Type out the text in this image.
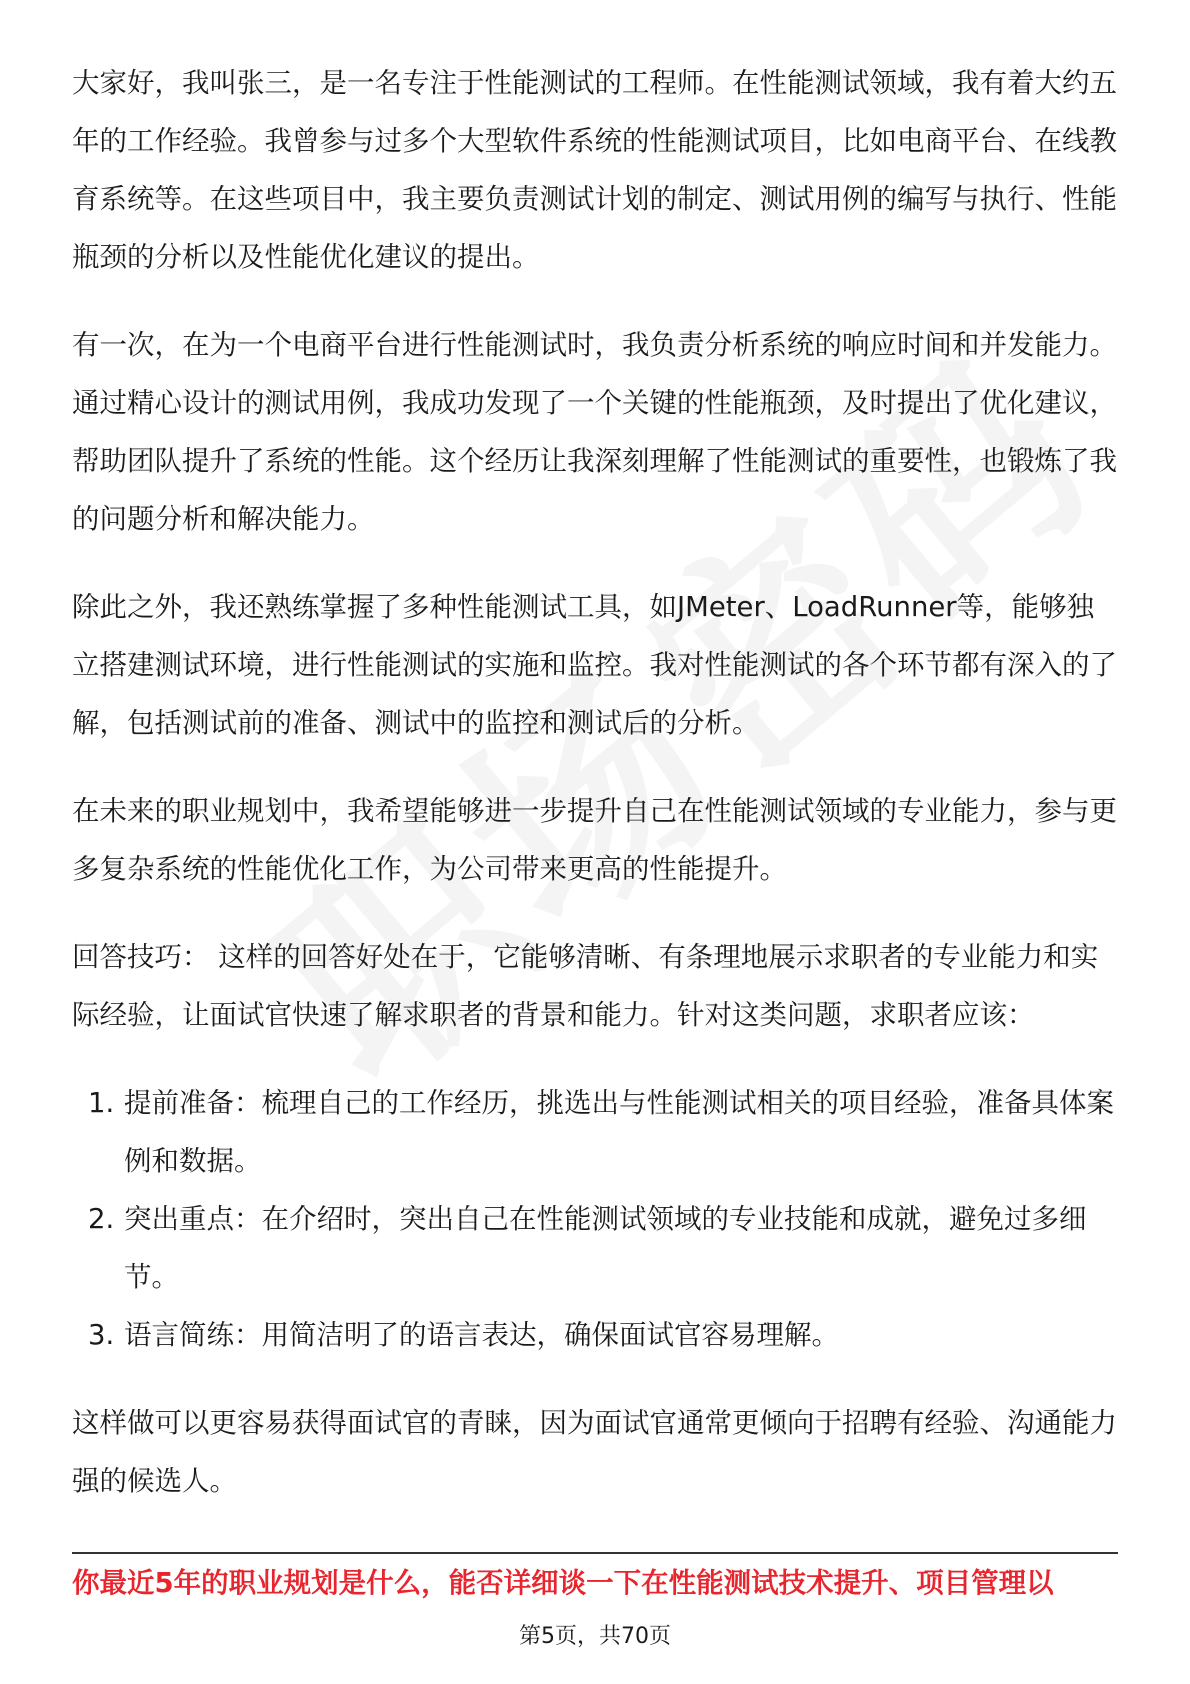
大家好，我叫张三，是一名专注于性能测试的工程师。在性能测试领域，我有着大约五年的工作经验。我曾参与过多个大型软件系统的性能测试项目，比如电商平台、在线教育系统等。在这些项目中，我主要负责测试计划的制定、测试用例的编写与执行、性能瓶颈的分析以及性能优化建议的提出。

有一次，在为一个电商平台进行性能测试时，我负责分析系统的响应时间和并发能力。通过精心设计的测试用例，我成功发现了一个关键的性能瓶颈，及时提出了优化建议，帮助团队提升了系统的性能。这个经历让我深刻理解了性能测试的重要性，也锻炼了我的问题分析和解决能力。

除此之外，我还熟练掌握了多种性能测试工具，如JMeter、LoadRunner等，能够独立搭建测试环境，进行性能测试的实施和监控。我对性能测试的各个环节都有深入的了解，包括测试前的准备、测试中的监控和测试后的分析。

在未来的职业规划中，我希望能够进一步提升自己在性能测试领域的专业能力，参与更多复杂系统的性能优化工作，为公司带来更高的性能提升。

回答技巧： 这样的回答好处在于，它能够清晰、有条理地展示求职者的专业能力和实际经验，让面试官快速了解求职者的背景和能力。针对这类问题，求职者应该：

1. 提前准备：梳理自己的工作经历，挑选出与性能测试相关的项目经验，准备具体案例和数据。
2. 突出重点：在介绍时，突出自己在性能测试领域的专业技能和成就，避免过多细节。
3. 语言简练：用简洁明了的语言表达，确保面试官容易理解。

这样做可以更容易获得面试官的青睐，因为面试官通常更倾向于招聘有经验、沟通能力强的候选人。

你最近5年的职业规划是什么，能否详细谈一下在性能测试技术提升、项目管理以
第5页，共70页
